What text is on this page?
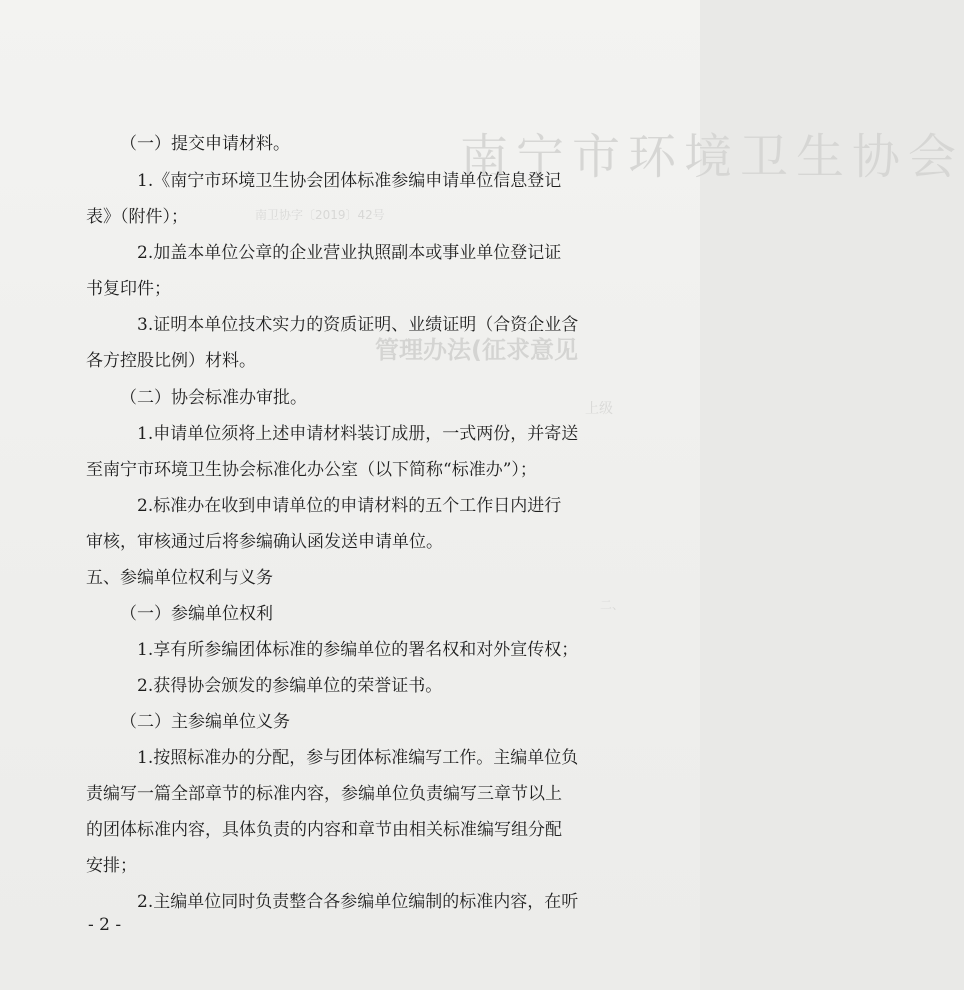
南宁市环境卫生协会
南卫协字〔2019〕42号
管理办法(征求意见
上级
二、
（一）提交申请材料。
1.《南宁市环境卫生协会团体标准参编申请单位信息登记
表》（附件）；
2.加盖本单位公章的企业营业执照副本或事业单位登记证
书复印件；
3.证明本单位技术实力的资质证明、业绩证明（合资企业含
各方控股比例）材料。
（二）协会标准办审批。
1.申请单位须将上述申请材料装订成册，一式两份，并寄送
至南宁市环境卫生协会标准化办公室（以下简称“标准办”）；
2.标准办在收到申请单位的申请材料的五个工作日内进行
审核，审核通过后将参编确认函发送申请单位。
五、参编单位权利与义务
（一）参编单位权利
1.享有所参编团体标准的参编单位的署名权和对外宣传权；
2.获得协会颁发的参编单位的荣誉证书。
（二）主参编单位义务
1.按照标准办的分配，参与团体标准编写工作。主编单位负
责编写一篇全部章节的标准内容，参编单位负责编写三章节以上
的团体标准内容，具体负责的内容和章节由相关标准编写组分配
安排；
2.主编单位同时负责整合各参编单位编制的标准内容，在听
- 2 -
